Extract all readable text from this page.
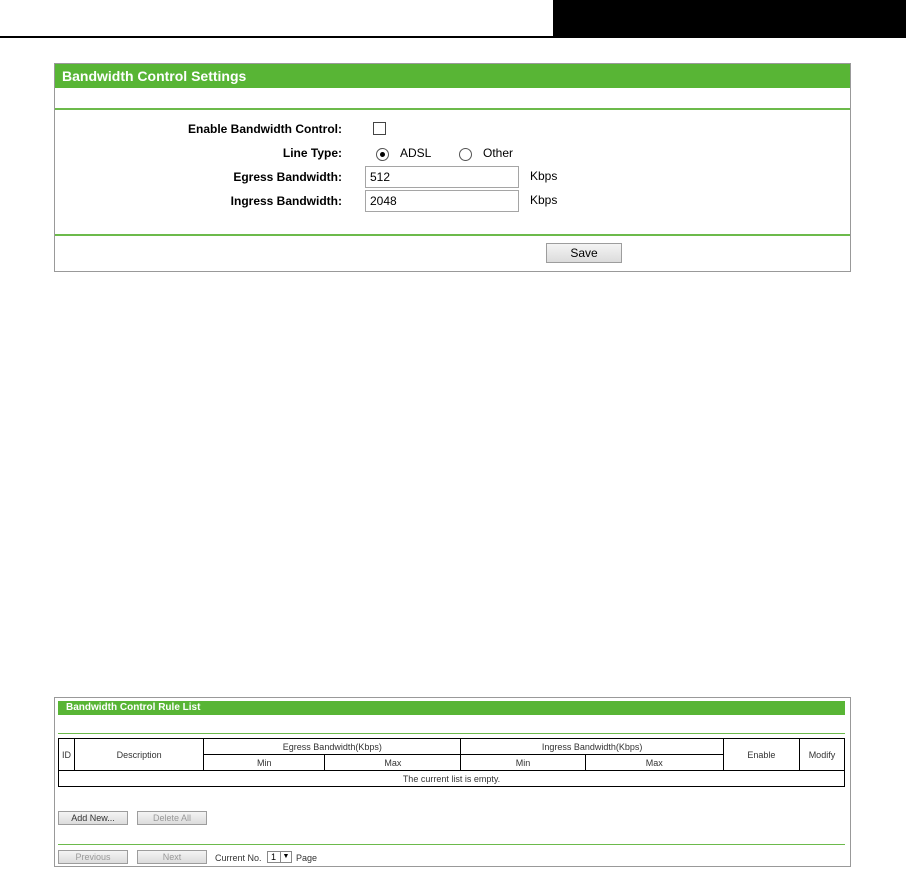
Bandwidth Control Settings
Enable Bandwidth Control:
Line Type:	ADSL	Other
Egress Bandwidth:
512	Kbps
Ingress Bandwidth:
2048	Kbps
Save
Bandwidth Control Rule List
ID	Description	Egress Bandwidth(Kbps)		Ingress Bandwidth(Kbps)		Enable	Modify
		Min	Max	Min	Max		
The current list is empty.							
Add New...	Delete All
Previous	Next	Current No. 1 ▼ Page
